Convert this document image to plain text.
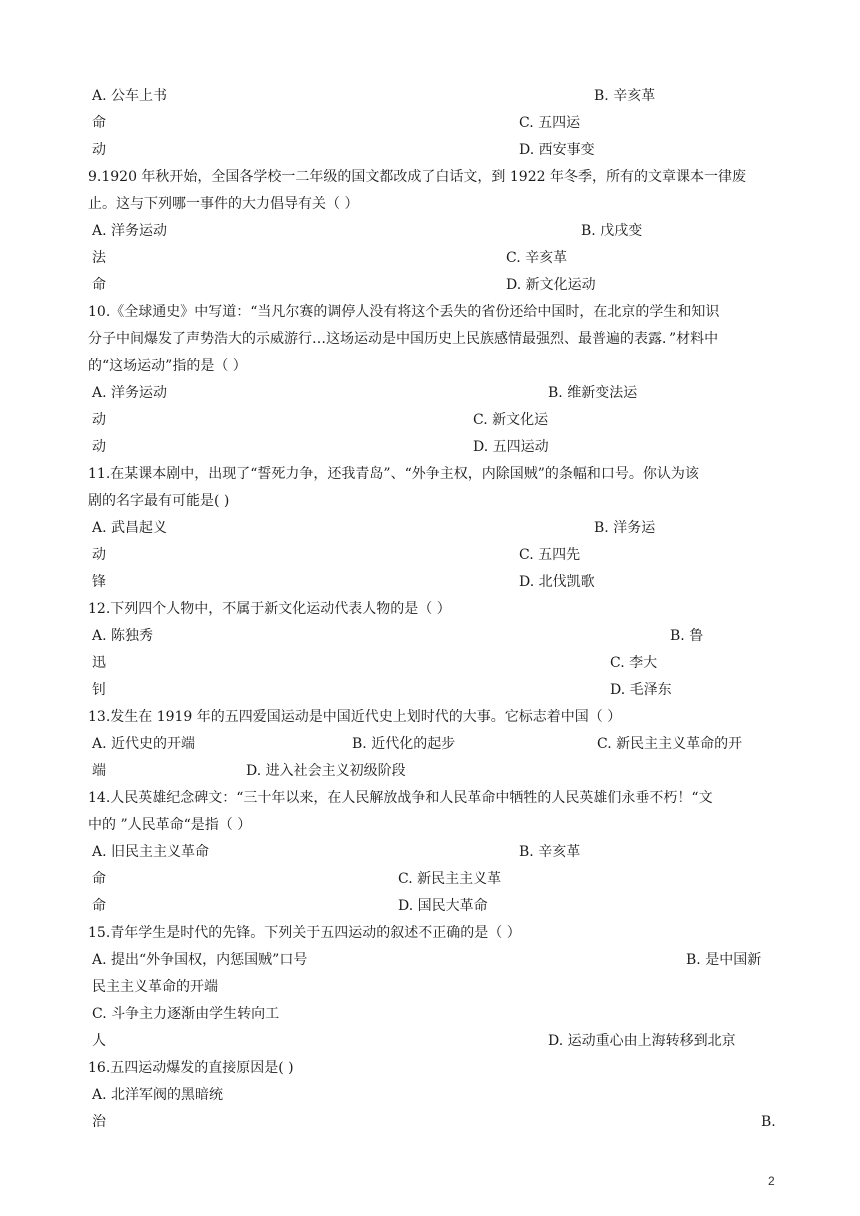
A. 公车上书	B. 辛亥革
命	C. 五四运
动	D. 西安事变
9.1920 年秋开始，全国各学校一二年级的国文都改成了白话文，到 1922 年冬季，所有的文章课本一律废
止。这与下列哪一事件的大力倡导有关（ ）
A. 洋务运动	B. 戊戌变
法	C. 辛亥革
命	D. 新文化运动
10.《全球通史》中写道：“当凡尔赛的调停人没有将这个丢失的省份还给中国时，在北京的学生和知识
分子中间爆发了声势浩大的示威游行…这场运动是中国历史上民族感情最强烈、最普遍的表露．”材料中
的“这场运动”指的是（ ）
A. 洋务运动	B. 维新变法运
动	C. 新文化运
动	D. 五四运动
11.在某课本剧中，出现了“誓死力争，还我青岛”、“外争主权，内除国贼”的条幅和口号。你认为该
剧的名字最有可能是( )
A. 武昌起义	B. 洋务运
动	C. 五四先
锋	D. 北伐凯歌
12.下列四个人物中，不属于新文化运动代表人物的是（ ）
A. 陈独秀	B. 鲁
迅	C. 李大
钊	D. 毛泽东
13.发生在 1919 年的五四爱国运动是中国近代史上划时代的大事。它标志着中国（ ）
A. 近代史的开端	B. 近代化的起步	C. 新民主主义革命的开
端	D. 进入社会主义初级阶段
14.人民英雄纪念碑文：“三十年以来，在人民解放战争和人民革命中牺牲的人民英雄们永垂不朽！“文
中的 ”人民革命“是指（ ）
A. 旧民主主义革命	B. 辛亥革
命	C. 新民主主义革
命	D. 国民大革命
15.青年学生是时代的先锋。下列关于五四运动的叙述不正确的是（ ）
A. 提出“外争国权，内惩国贼”口号	B. 是中国新
民主主义革命的开端
C. 斗争主力逐渐由学生转向工
人	D. 运动重心由上海转移到北京
16.五四运动爆发的直接原因是( )
A. 北洋军阀的黑暗统
治	B.
2
